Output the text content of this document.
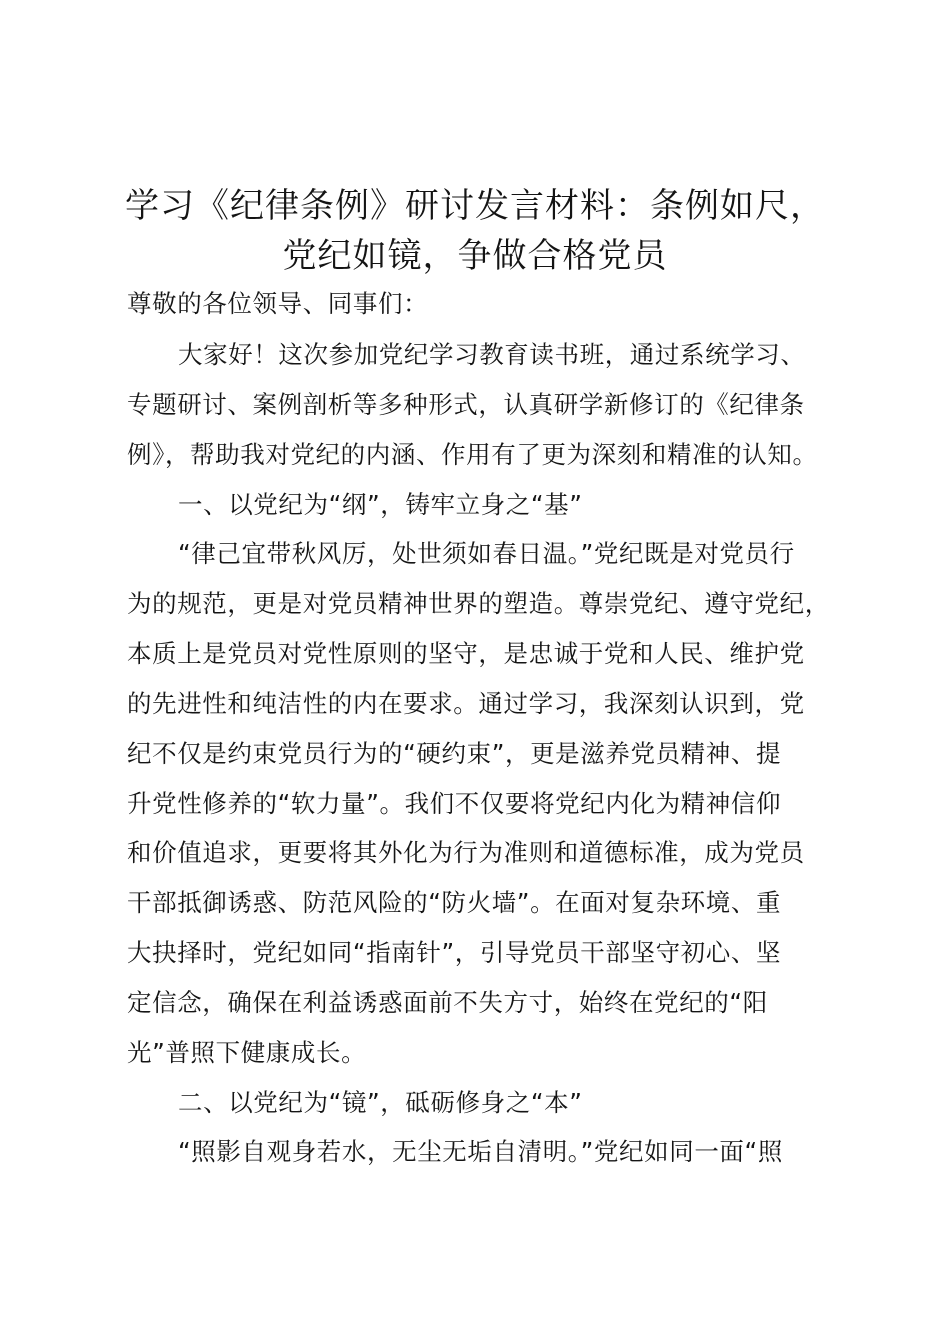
学习《纪律条例》研讨发言材料：条例如尺，
党纪如镜，争做合格党员
尊敬的各位领导、同事们：
大家好！这次参加党纪学习教育读书班，通过系统学习、
专题研讨、案例剖析等多种形式，认真研学新修订的《纪律条
例》，帮助我对党纪的内涵、作用有了更为深刻和精准的认知。
一、以党纪为“纲”，铸牢立身之“基”
“律己宜带秋风厉，处世须如春日温。”党纪既是对党员行
为的规范，更是对党员精神世界的塑造。尊崇党纪、遵守党纪，
本质上是党员对党性原则的坚守，是忠诚于党和人民、维护党
的先进性和纯洁性的内在要求。通过学习，我深刻认识到，党
纪不仅是约束党员行为的“硬约束”，更是滋养党员精神、提
升党性修养的“软力量”。我们不仅要将党纪内化为精神信仰
和价值追求，更要将其外化为行为准则和道德标准，成为党员
干部抵御诱惑、防范风险的“防火墙”。在面对复杂环境、重
大抉择时，党纪如同“指南针”，引导党员干部坚守初心、坚
定信念，确保在利益诱惑面前不失方寸，始终在党纪的“阳
光”普照下健康成长。
二、以党纪为“镜”，砥砺修身之“本”
“照影自观身若水，无尘无垢自清明。”党纪如同一面“照
